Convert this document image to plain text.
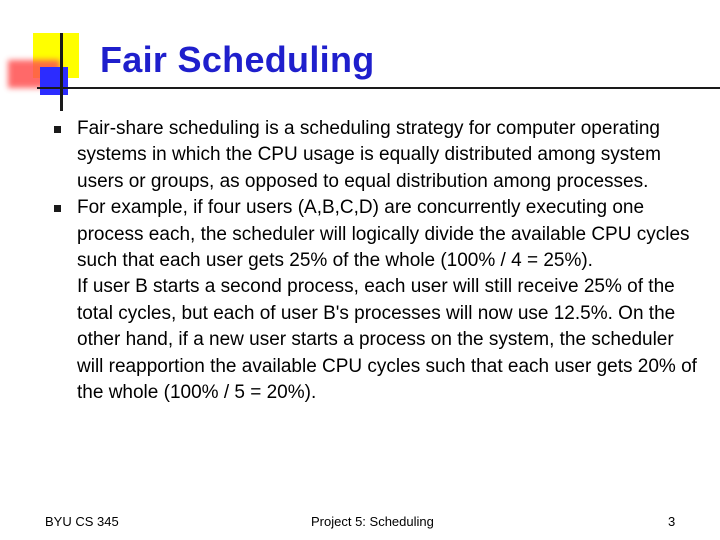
Fair Scheduling
Fair-share scheduling is a scheduling strategy for computer operating systems in which the CPU usage is equally distributed among system users or groups, as opposed to equal distribution among processes.
For example, if four users (A,B,C,D) are concurrently executing one process each, the scheduler will logically divide the available CPU cycles such that each user gets 25% of the whole (100% / 4 = 25%).
If user B starts a second process, each user will still receive 25% of the total cycles, but each of user B's processes will now use 12.5%. On the other hand, if a new user starts a process on the system, the scheduler will reapportion the available CPU cycles such that each user gets 20% of the whole (100% / 5 = 20%).
BYU CS 345	Project 5: Scheduling	3
